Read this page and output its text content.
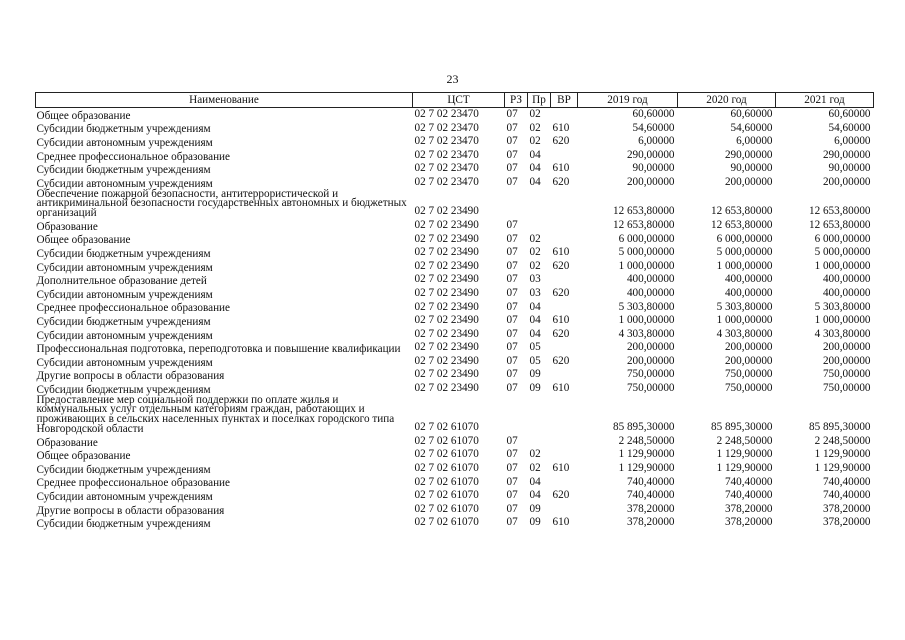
23
Наименование	ЦСТ	РЗ	Пр	ВР	2019 год	2020 год	2021 год
Общее образование	02 7 02 23470	07	02		60,60000	60,60000	60,60000
Субсидии бюджетным учреждениям	02 7 02 23470	07	02	610	54,60000	54,60000	54,60000
Субсидии автономным учреждениям	02 7 02 23470	07	02	620	6,00000	6,00000	6,00000
Среднее профессиональное образование	02 7 02 23470	07	04		290,00000	290,00000	290,00000
Субсидии бюджетным учреждениям	02 7 02 23470	07	04	610	90,00000	90,00000	90,00000
Субсидии автономным учреждениям	02 7 02 23470	07	04	620	200,00000	200,00000	200,00000
Обеспечение пожарной безопасности, антитеррористической и антикриминальной безопасности государственных автономных и бюджетных организаций	02 7 02 23490				12 653,80000	12 653,80000	12 653,80000
Образование	02 7 02 23490	07			12 653,80000	12 653,80000	12 653,80000
Общее образование	02 7 02 23490	07	02		6 000,00000	6 000,00000	6 000,00000
Субсидии бюджетным учреждениям	02 7 02 23490	07	02	610	5 000,00000	5 000,00000	5 000,00000
Субсидии автономным учреждениям	02 7 02 23490	07	02	620	1 000,00000	1 000,00000	1 000,00000
Дополнительное образование детей	02 7 02 23490	07	03		400,00000	400,00000	400,00000
Субсидии автономным учреждениям	02 7 02 23490	07	03	620	400,00000	400,00000	400,00000
Среднее профессиональное образование	02 7 02 23490	07	04		5 303,80000	5 303,80000	5 303,80000
Субсидии бюджетным учреждениям	02 7 02 23490	07	04	610	1 000,00000	1 000,00000	1 000,00000
Субсидии автономным учреждениям	02 7 02 23490	07	04	620	4 303,80000	4 303,80000	4 303,80000
Профессиональная подготовка, переподготовка и повышение квалификации	02 7 02 23490	07	05		200,00000	200,00000	200,00000
Субсидии автономным учреждениям	02 7 02 23490	07	05	620	200,00000	200,00000	200,00000
Другие вопросы в области образования	02 7 02 23490	07	09		750,00000	750,00000	750,00000
Субсидии бюджетным учреждениям	02 7 02 23490	07	09	610	750,00000	750,00000	750,00000
Предоставление мер социальной поддержки по оплате жилья и коммунальных услуг отдельным категориям граждан, работающих и проживающих в сельских населенных пунктах и поселках городского типа Новгородской области	02 7 02 61070				85 895,30000	85 895,30000	85 895,30000
Образование	02 7 02 61070	07			2 248,50000	2 248,50000	2 248,50000
Общее образование	02 7 02 61070	07	02		1 129,90000	1 129,90000	1 129,90000
Субсидии бюджетным учреждениям	02 7 02 61070	07	02	610	1 129,90000	1 129,90000	1 129,90000
Среднее профессиональное образование	02 7 02 61070	07	04		740,40000	740,40000	740,40000
Субсидии автономным учреждениям	02 7 02 61070	07	04	620	740,40000	740,40000	740,40000
Другие вопросы в области образования	02 7 02 61070	07	09		378,20000	378,20000	378,20000
Субсидии бюджетным учреждениям	02 7 02 61070	07	09	610	378,20000	378,20000	378,20000
